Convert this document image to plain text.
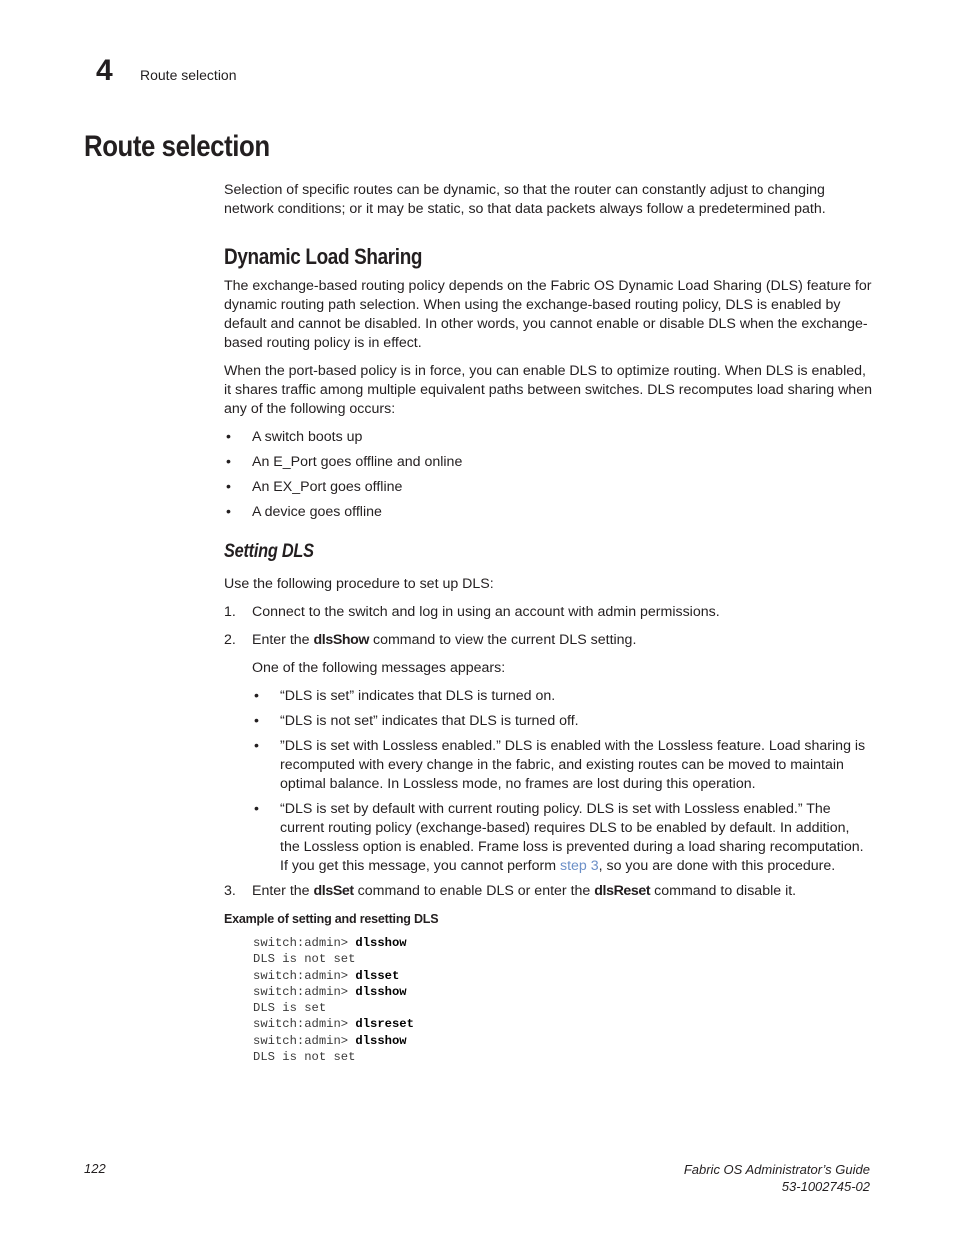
4	Route selection
Route selection

Selection of specific routes can be dynamic, so that the router can constantly adjust to changing network conditions; or it may be static, so that data packets always follow a predetermined path.

Dynamic Load Sharing

The exchange-based routing policy depends on the Fabric OS Dynamic Load Sharing (DLS) feature for dynamic routing path selection. When using the exchange-based routing policy, DLS is enabled by default and cannot be disabled. In other words, you cannot enable or disable DLS when the exchange-based routing policy is in effect.

When the port-based policy is in force, you can enable DLS to optimize routing. When DLS is enabled, it shares traffic among multiple equivalent paths between switches. DLS recomputes load sharing when any of the following occurs:

• A switch boots up
• An E_Port goes offline and online
• An EX_Port goes offline
• A device goes offline
Setting DLS

Use the following procedure to set up DLS:

1. Connect to the switch and log in using an account with admin permissions.
2. Enter the dlsShow command to view the current DLS setting.

One of the following messages appears:

• “DLS is set” indicates that DLS is turned on.
• “DLS is not set” indicates that DLS is turned off.
• ”DLS is set with Lossless enabled.” DLS is enabled with the Lossless feature. Load sharing is recomputed with every change in the fabric, and existing routes can be moved to maintain optimal balance. In Lossless mode, no frames are lost during this operation.
• “DLS is set by default with current routing policy. DLS is set with Lossless enabled.” The current routing policy (exchange-based) requires DLS to be enabled by default. In addition, the Lossless option is enabled. Frame loss is prevented during a load sharing recomputation. If you get this message, you cannot perform step 3, so you are done with this procedure.
3. Enter the dlsSet command to enable DLS or enter the dlsReset command to disable it.
Example of setting and resetting DLS
switch:admin> dlsshow
DLS is not set
switch:admin> dlsset
switch:admin> dlsshow
DLS is set
switch:admin> dlsreset
switch:admin> dlsshow
DLS is not set
122	Fabric OS Administrator’s Guide
53-1002745-02
